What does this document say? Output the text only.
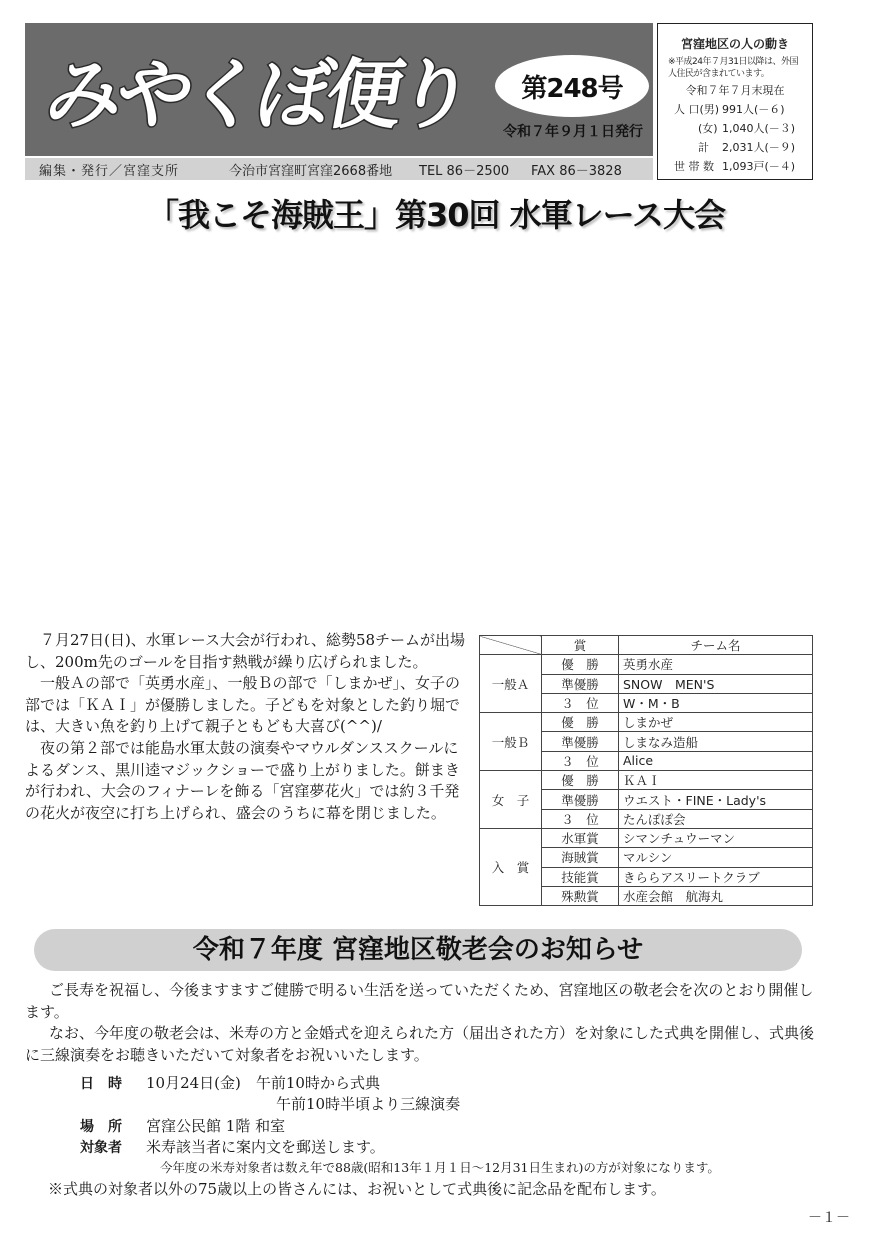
みやくぼ便り	第248号
令和７年９月１日発行
編集・発行／宮窪支所	今治市宮窪町宮窪2668番地	TEL 86－2500	FAX 86－3828
宮窪地区の人の動き
※平成24年７月31日以降は、外国人住民が含まれています。
令和７年７月末現在
人 口(男) 991人(－６)
(女) 1,040人(－３)
計 2,031人(－９)
世 帯 数 1,093戸(－４)
「我こそ海賊王」第30回 水軍レース大会

７月27日(日)、水軍レース大会が行われ、総勢58チームが出場し、200m先のゴールを目指す熱戦が繰り広げられました。

一般Ａの部で「英勇水産」、一般Ｂの部で「しまかぜ」、女子の部では「ＫＡＩ」が優勝しました。子どもを対象とした釣り堀では、大きい魚を釣り上げて親子ともども大喜び(^^)/

夜の第２部では能島水軍太鼓の演奏やマウルダンススクールによるダンス、黒川逵マジックショーで盛り上がりました。餅まきが行われ、大会のフィナーレを飾る「宮窪夢花火」では約３千発の花火が夜空に打ち上げられ、盛会のうちに幕を閉じました。

	賞	チーム名
一般Ａ	優　勝	英勇水産
	準優勝	SNOW　MEN'S
	３　位	W・M・B
一般Ｂ	優　勝	しまかぜ
	準優勝	しまなみ造船
	３　位	Alice
女　子	優　勝	ＫＡＩ
	準優勝	ウエスト・FINE・Lady's
	３　位	たんぽぽ会
入　賞	水軍賞	シマンチュウーマン
	海賊賞	マルシン
	技能賞	きららアスリートクラブ
	殊勲賞	水産会館　航海丸
令和７年度 宮窪地区敬老会のお知らせ

ご長寿を祝福し、今後ますますご健勝で明るい生活を送っていただくため、宮窪地区の敬老会を次のとおり開催します。

なお、今年度の敬老会は、米寿の方と金婚式を迎えられた方（届出された方）を対象にした式典を開催し、式典後に三線演奏をお聴きいただいて対象者をお祝いいたします。

日　時 10月24日(金)　午前10時から式典
午前10時半頃より三線演奏
場　所 宮窪公民館 1階 和室
対象者 米寿該当者に案内文を郵送します。
今年度の米寿対象者は数え年で88歳(昭和13年１月１日～12月31日生まれ)の方が対象になります。
※式典の対象者以外の75歳以上の皆さんには、お祝いとして式典後に記念品を配布します。
－１－
